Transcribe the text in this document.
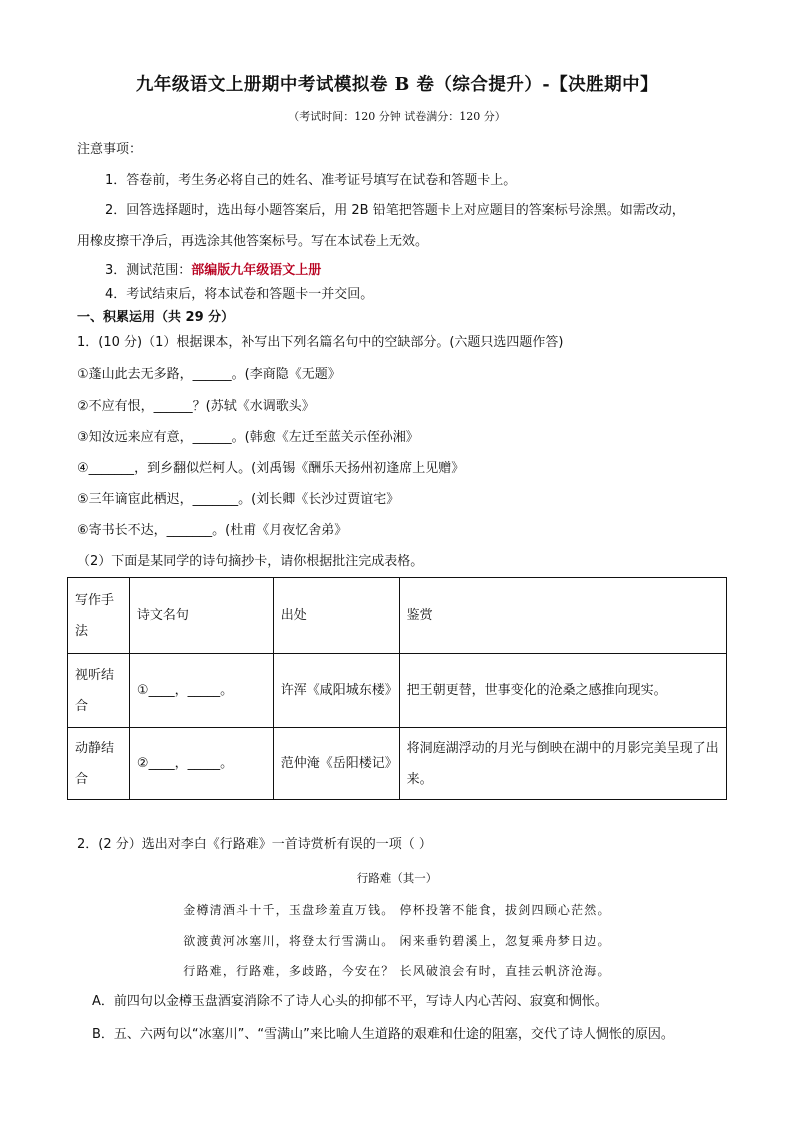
九年级语文上册期中考试模拟卷 B 卷（综合提升）-【决胜期中】
（考试时间：120 分钟 试卷满分：120 分）
注意事项：
1．答卷前，考生务必将自己的姓名、准考证号填写在试卷和答题卡上。
2．回答选择题时，选出每小题答案后，用 2B 铅笔把答题卡上对应题目的答案标号涂黑。如需改动，
用橡皮擦干净后，再选涂其他答案标号。写在本试卷上无效。
3．测试范围：部编版九年级语文上册
4．考试结束后，将本试卷和答题卡一并交回。
一、积累运用（共 29 分）
1．(10 分)（1）根据课本，补写出下列名篇名句中的空缺部分。(六题只选四题作答)
①蓬山此去无多路，______。(李商隐《无题》
②不应有恨，______？(苏轼《水调歌头》
③知汝远来应有意，______。(韩愈《左迁至蓝关示侄孙湘》
④_______，到乡翻似烂柯人。(刘禹锡《酬乐天扬州初逢席上见赠》
⑤三年谪宦此栖迟，_______。(刘长卿《长沙过贾谊宅》
⑥寄书长不达，_______。(杜甫《月夜忆舍弟》
（2）下面是某同学的诗句摘抄卡，请你根据批注完成表格。
写作手法	诗文名句	出处	鉴赏
视听结合	①____，_____。	许浑《咸阳城东楼》	把王朝更替，世事变化的沧桑之感推向现实。
动静结合	②____，_____。	范仲淹《岳阳楼记》	将洞庭湖浮动的月光与倒映在湖中的月影完美呈现了出来。
2．(2 分）选出对李白《行路难》一首诗赏析有误的一项（ ）
行路难（其一）
金樽清酒斗十千，玉盘珍羞直万钱。 停杯投箸不能食，拔剑四顾心茫然。
欲渡黄河冰塞川，将登太行雪满山。 闲来垂钓碧溪上，忽复乘舟梦日边。
行路难，行路难，多歧路，今安在？ 长风破浪会有时，直挂云帆济沧海。
A．前四句以金樽玉盘酒宴消除不了诗人心头的抑郁不平，写诗人内心苦闷、寂寞和惆怅。
B．五、六两句以“冰塞川”、“雪满山”来比喻人生道路的艰难和仕途的阻塞，交代了诗人惆怅的原因。
